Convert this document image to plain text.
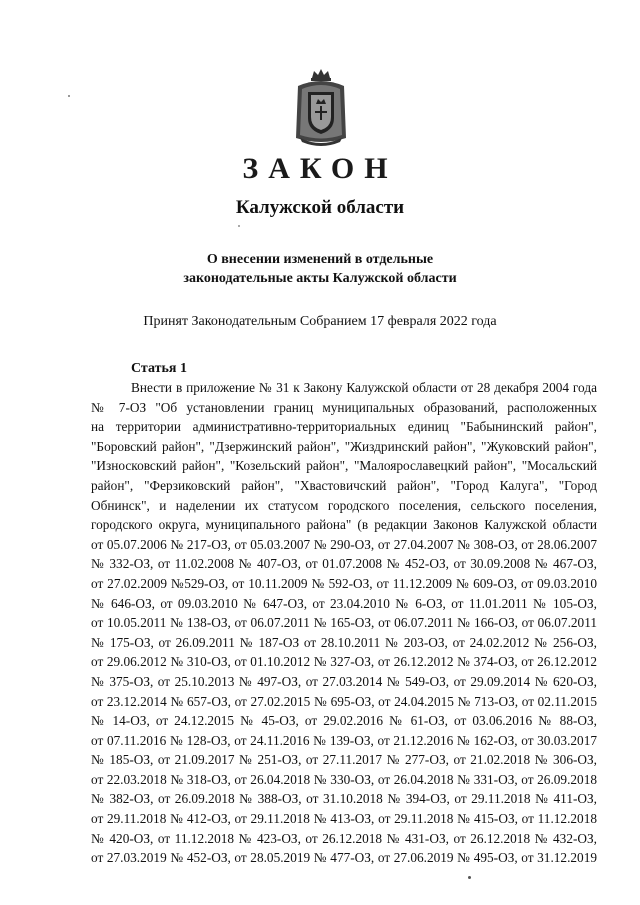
ЗАКОН
Калужской области
О внесении изменений в отдельные
законодательные акты Калужской области
Принят Законодательным Собранием 17 февраля 2022 года
Статья 1
Внести в приложение № 31 к Закону Калужской области от 28 декабря 2004 года
№ 7-ОЗ "Об установлении границ муниципальных образований, расположенных
на территории административно-территориальных единиц "Бабынинский район",
"Боровский район", "Дзержинский район", "Жиздринский район", "Жуковский район",
"Износковский район", "Козельский район", "Малоярославецкий район", "Мосальский
район", "Ферзиковский район", "Хвастовичский район", "Город Калуга", "Город
Обнинск", и наделении их статусом городского поселения, сельского поселения,
городского округа, муниципального района" (в редакции Законов Калужской области
от 05.07.2006 № 217-ОЗ, от 05.03.2007 № 290-ОЗ, от 27.04.2007 № 308-ОЗ, от 28.06.2007
№ 332-ОЗ, от 11.02.2008 № 407-ОЗ, от 01.07.2008 № 452-ОЗ, от 30.09.2008 № 467-ОЗ,
от 27.02.2009 №529-ОЗ, от 10.11.2009 № 592-ОЗ, от 11.12.2009 № 609-ОЗ, от 09.03.2010
№ 646-ОЗ, от 09.03.2010 № 647-ОЗ, от 23.04.2010 № 6-ОЗ, от 11.01.2011 № 105-ОЗ,
от 10.05.2011 № 138-ОЗ, от 06.07.2011 № 165-ОЗ, от 06.07.2011 № 166-ОЗ, от 06.07.2011
№ 175-ОЗ, от 26.09.2011 № 187-ОЗ от 28.10.2011 № 203-ОЗ, от 24.02.2012 № 256-ОЗ,
от 29.06.2012 № 310-ОЗ, от 01.10.2012 № 327-ОЗ, от 26.12.2012 № 374-ОЗ, от 26.12.2012
№ 375-ОЗ, от 25.10.2013 № 497-ОЗ, от 27.03.2014 № 549-ОЗ, от 29.09.2014 № 620-ОЗ,
от 23.12.2014 № 657-ОЗ, от 27.02.2015 № 695-ОЗ, от 24.04.2015 № 713-ОЗ, от 02.11.2015
№ 14-ОЗ, от 24.12.2015 № 45-ОЗ, от 29.02.2016 № 61-ОЗ, от 03.06.2016 № 88-ОЗ,
от 07.11.2016 № 128-ОЗ, от 24.11.2016 № 139-ОЗ, от 21.12.2016 № 162-ОЗ, от 30.03.2017
№ 185-ОЗ, от 21.09.2017 № 251-ОЗ, от 27.11.2017 № 277-ОЗ, от 21.02.2018 № 306-ОЗ,
от 22.03.2018 № 318-ОЗ, от 26.04.2018 № 330-ОЗ, от 26.04.2018 № 331-ОЗ, от 26.09.2018
№ 382-ОЗ, от 26.09.2018 № 388-ОЗ, от 31.10.2018 № 394-ОЗ, от 29.11.2018 № 411-ОЗ,
от 29.11.2018 № 412-ОЗ, от 29.11.2018 № 413-ОЗ, от 29.11.2018 № 415-ОЗ, от 11.12.2018
№ 420-ОЗ, от 11.12.2018 № 423-ОЗ, от 26.12.2018 № 431-ОЗ, от 26.12.2018 № 432-ОЗ,
от 27.03.2019 № 452-ОЗ, от 28.05.2019 № 477-ОЗ, от 27.06.2019 № 495-ОЗ, от 31.12.2019
